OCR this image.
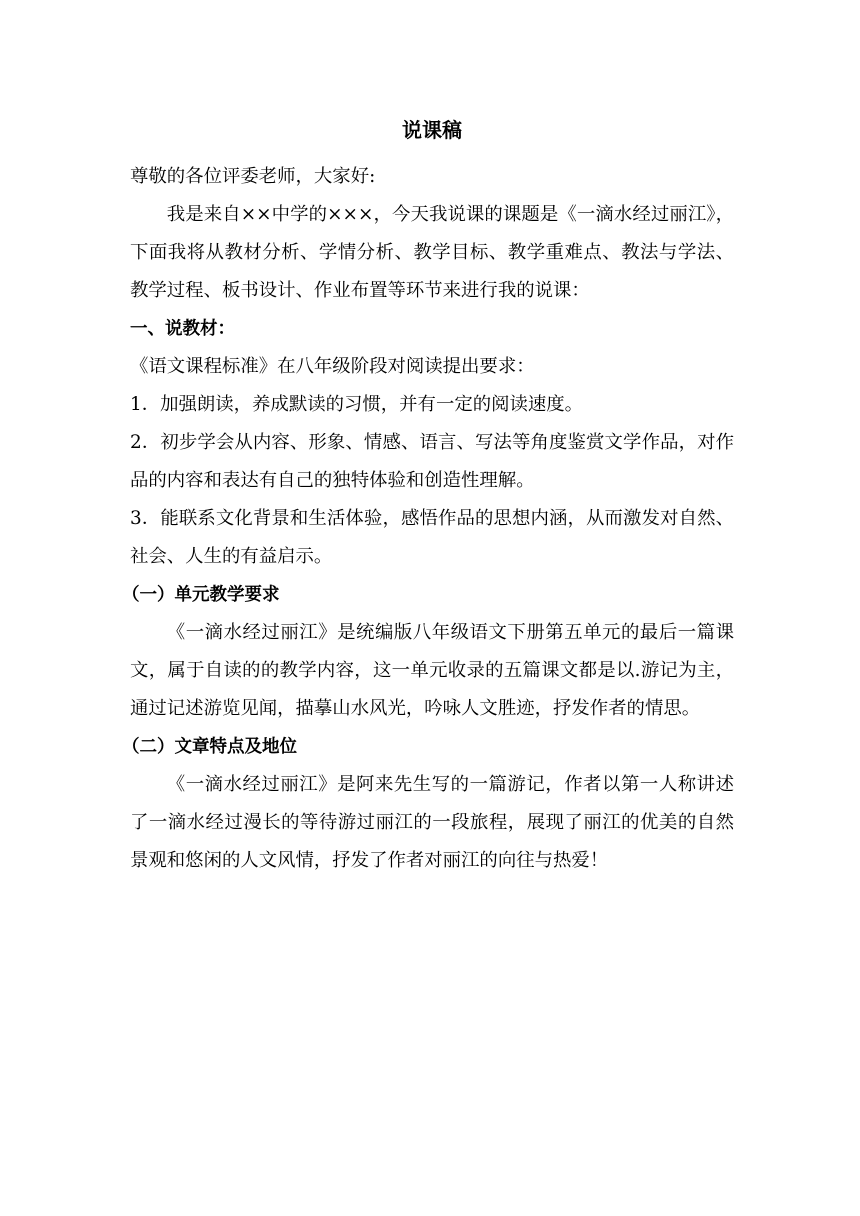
说课稿
尊敬的各位评委老师，大家好:

我是来自××中学的×××，今天我说课的课题是《一滴水经过丽江》，下面我将从教材分析、学情分析、教学目标、教学重难点、教法与学法、教学过程、板书设计、作业布置等环节来进行我的说课：

一、说教材：
《语文课程标准》在八年级阶段对阅读提出要求：

1．加强朗读，养成默读的习惯，并有一定的阅读速度。

2．初步学会从内容、形象、情感、语言、写法等角度鉴赏文学作品，对作品的内容和表达有自己的独特体验和创造性理解。

3．能联系文化背景和生活体验，感悟作品的思想内涵，从而激发对自然、社会、人生的有益启示。

（一）单元教学要求

《一滴水经过丽江》是统编版八年级语文下册第五单元的最后一篇课文，属于自读的的教学内容，这一单元收录的五篇课文都是以.游记为主，通过记述游览见闻，描摹山水风光，吟咏人文胜迹，抒发作者的情思。

（二）文章特点及地位

《一滴水经过丽江》是阿来先生写的一篇游记，作者以第一人称讲述了一滴水经过漫长的等待游过丽江的一段旅程，展现了丽江的优美的自然景观和悠闲的人文风情，抒发了作者对丽江的向往与热爱！
